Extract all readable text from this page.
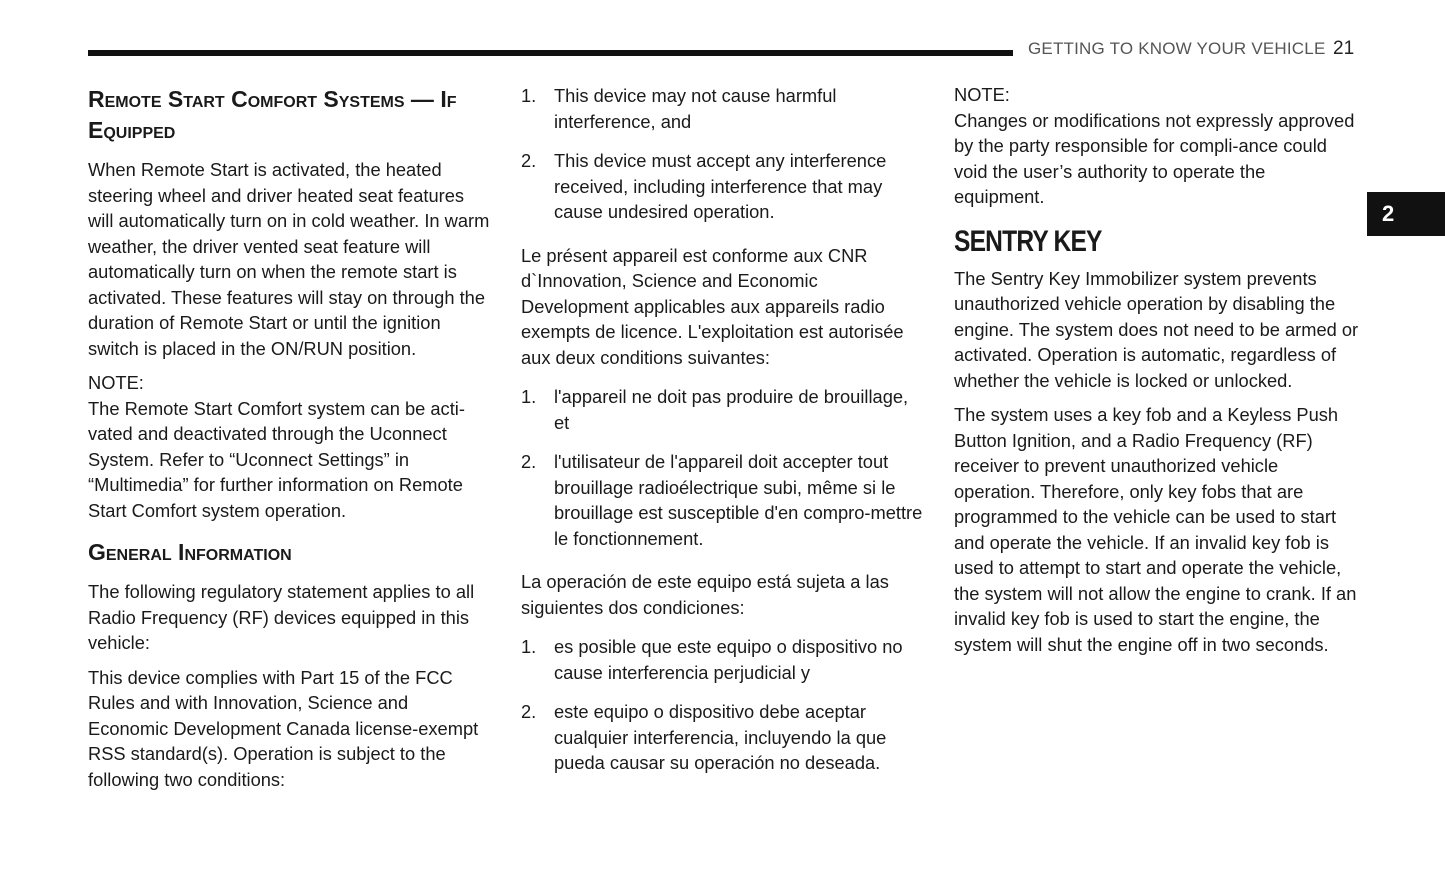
GETTING TO KNOW YOUR VEHICLE 21
2
Remote Start Comfort Systems — If Equipped

When Remote Start is activated, the heated steering wheel and driver heated seat features will automatically turn on in cold weather. In warm weather, the driver vented seat feature will automatically turn on when the remote start is activated. These features will stay on through the duration of Remote Start or until the ignition switch is placed in the ON/RUN position.

NOTE:

The Remote Start Comfort system can be acti-vated and deactivated through the Uconnect System. Refer to “Uconnect Settings” in “Multimedia” for further information on Remote Start Comfort system operation.

General Information

The following regulatory statement applies to all Radio Frequency (RF) devices equipped in this vehicle:

This device complies with Part 15 of the FCC Rules and with Innovation, Science and Economic Development Canada license-exempt RSS standard(s). Operation is subject to the following two conditions:

1. This device may not cause harmful interference, and

2. This device must accept any interference received, including interference that may cause undesired operation.

Le présent appareil est conforme aux CNR d`Innovation, Science and Economic Development applicables aux appareils radio exempts de licence. L'exploitation est autorisée aux deux conditions suivantes:

1. l'appareil ne doit pas produire de brouillage, et

2. l'utilisateur de l'appareil doit accepter tout brouillage radioélectrique subi, même si le brouillage est susceptible d'en compro-mettre le fonctionnement.

La operación de este equipo está sujeta a las siguientes dos condiciones:

1. es posible que este equipo o dispositivo no cause interferencia perjudicial y

2. este equipo o dispositivo debe aceptar cualquier interferencia, incluyendo la que pueda causar su operación no deseada.

NOTE:

Changes or modifications not expressly approved by the party responsible for compli-ance could void the user’s authority to operate the equipment.

SENTRY KEY

The Sentry Key Immobilizer system prevents unauthorized vehicle operation by disabling the engine. The system does not need to be armed or activated. Operation is automatic, regardless of whether the vehicle is locked or unlocked.

The system uses a key fob and a Keyless Push Button Ignition, and a Radio Frequency (RF) receiver to prevent unauthorized vehicle operation. Therefore, only key fobs that are programmed to the vehicle can be used to start and operate the vehicle. If an invalid key fob is used to attempt to start and operate the vehicle, the system will not allow the engine to crank. If an invalid key fob is used to start the engine, the system will shut the engine off in two seconds.
